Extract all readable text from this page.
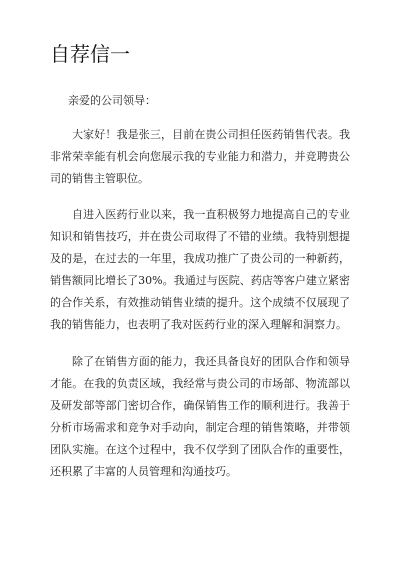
自荐信一
亲爱的公司领导：
大家好！我是张三，目前在贵公司担任医药销售代表。我非常荣幸能有机会向您展示我的专业能力和潜力，并竞聘贵公司的销售主管职位。
自进入医药行业以来，我一直积极努力地提高自己的专业知识和销售技巧，并在贵公司取得了不错的业绩。我特别想提及的是，在过去的一年里，我成功推广了贵公司的一种新药，销售额同比增长了30%。我通过与医院、药店等客户建立紧密的合作关系，有效推动销售业绩的提升。这个成绩不仅展现了我的销售能力，也表明了我对医药行业的深入理解和洞察力。
除了在销售方面的能力，我还具备良好的团队合作和领导才能。在我的负责区域，我经常与贵公司的市场部、物流部以及研发部等部门密切合作，确保销售工作的顺利进行。我善于分析市场需求和竞争对手动向，制定合理的销售策略，并带领团队实施。在这个过程中，我不仅学到了团队合作的重要性，还积累了丰富的人员管理和沟通技巧。
